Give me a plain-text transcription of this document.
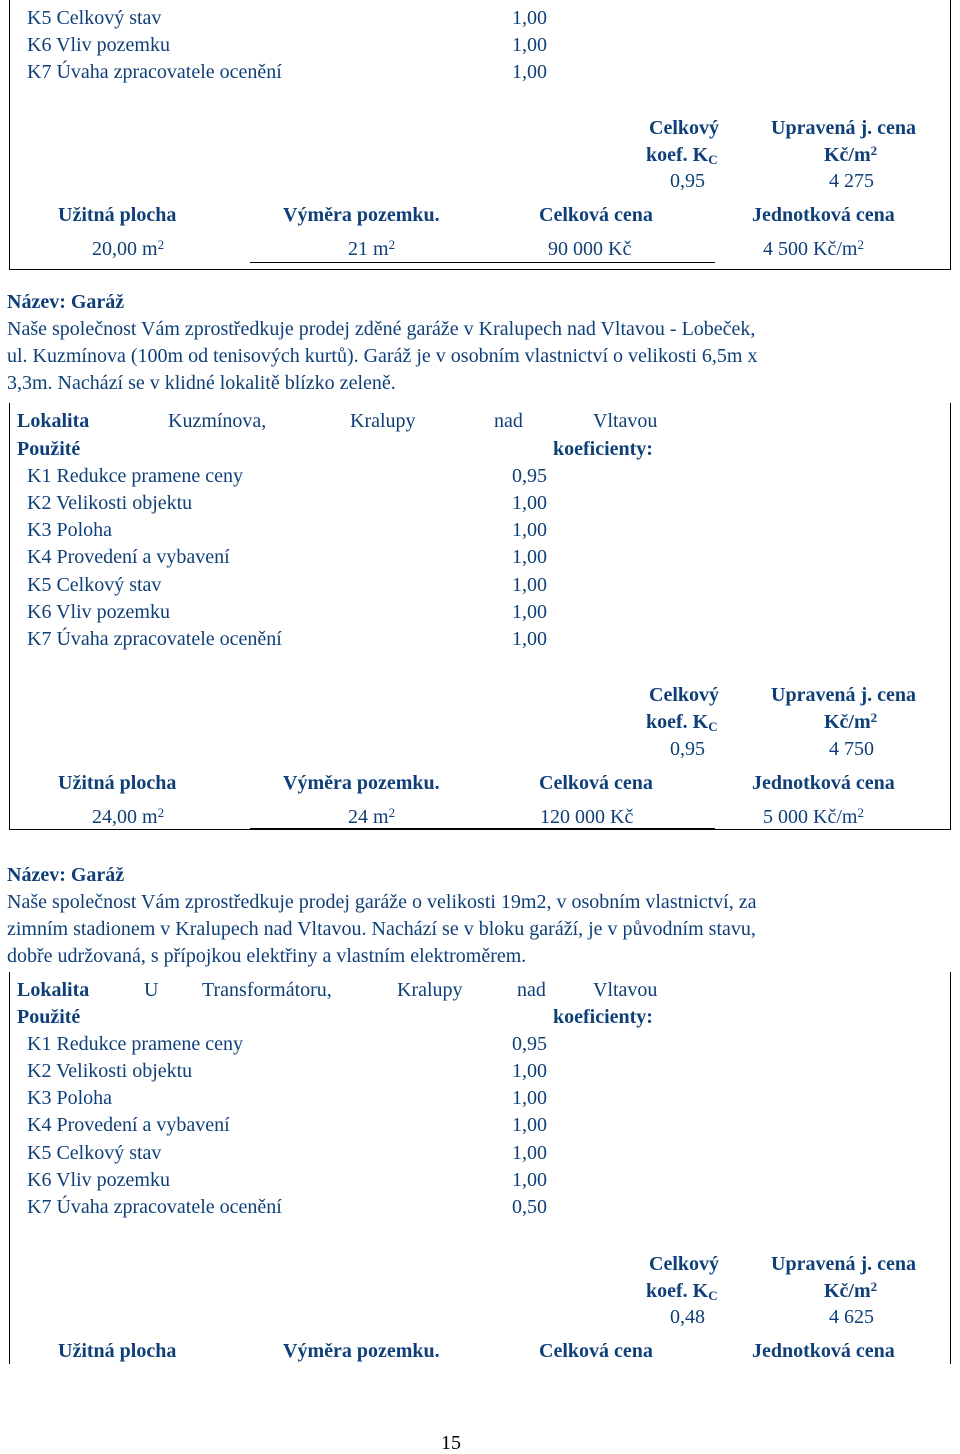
K5 Celkový stav	1,00
K6 Vliv pozemku	1,00
K7 Úvaha zpracovatele ocenění	1,00
Celkový	Upravená j. cena
koef. $K_C$	$Kč/m^2$
0,95	4 275
Užitná plocha	Výměra pozemku.	Celková cena	Jednotková cena
20,00 $m^2$	21 $m^2$	90 000 Kč	4 500 $Kč/m^2$
Název: Garáž
Naše společnost Vám zprostředkuje prodej zděné garáže v Kralupech nad Vltavou - Lobeček,
ul. Kuzmínova (100m od tenisových kurtů). Garáž je v osobním vlastnictví o velikosti 6,5m x
3,3m. Nachází se v klidné lokalitě blízko zeleně.
Lokalita	Kuzmínova,	Kralupy	nad	Vltavou
Použité	koeficienty:
K1 Redukce pramene ceny	0,95
K2 Velikosti objektu	1,00
K3 Poloha	1,00
K4 Provedení a vybavení	1,00
K5 Celkový stav	1,00
K6 Vliv pozemku	1,00
K7 Úvaha zpracovatele ocenění	1,00
Celkový	Upravená j. cena
koef. $K_C$	$Kč/m^2$
0,95	4 750
Užitná plocha	Výměra pozemku.	Celková cena	Jednotková cena
24,00 $m^2$	24 $m^2$	120 000 Kč	5 000 $Kč/m^2$
Název: Garáž
Naše společnost Vám zprostředkuje prodej garáže o velikosti 19m2, v osobním vlastnictví, za
zimním stadionem v Kralupech nad Vltavou. Nachází se v bloku garáží, je v původním stavu,
dobře udržovaná, s přípojkou elektřiny a vlastním elektroměrem.
Lokalita	U Transformátoru,	Kralupy	nad Vltavou
Použité	koeficienty:
K1 Redukce pramene ceny	0,95
K2 Velikosti objektu	1,00
K3 Poloha	1,00
K4 Provedení a vybavení	1,00
K5 Celkový stav	1,00
K6 Vliv pozemku	1,00
K7 Úvaha zpracovatele ocenění	0,50
Celkový	Upravená j. cena
koef. $K_C$	$Kč/m^2$
0,48	4 625
Užitná plocha	Výměra pozemku.	Celková cena	Jednotková cena
15
